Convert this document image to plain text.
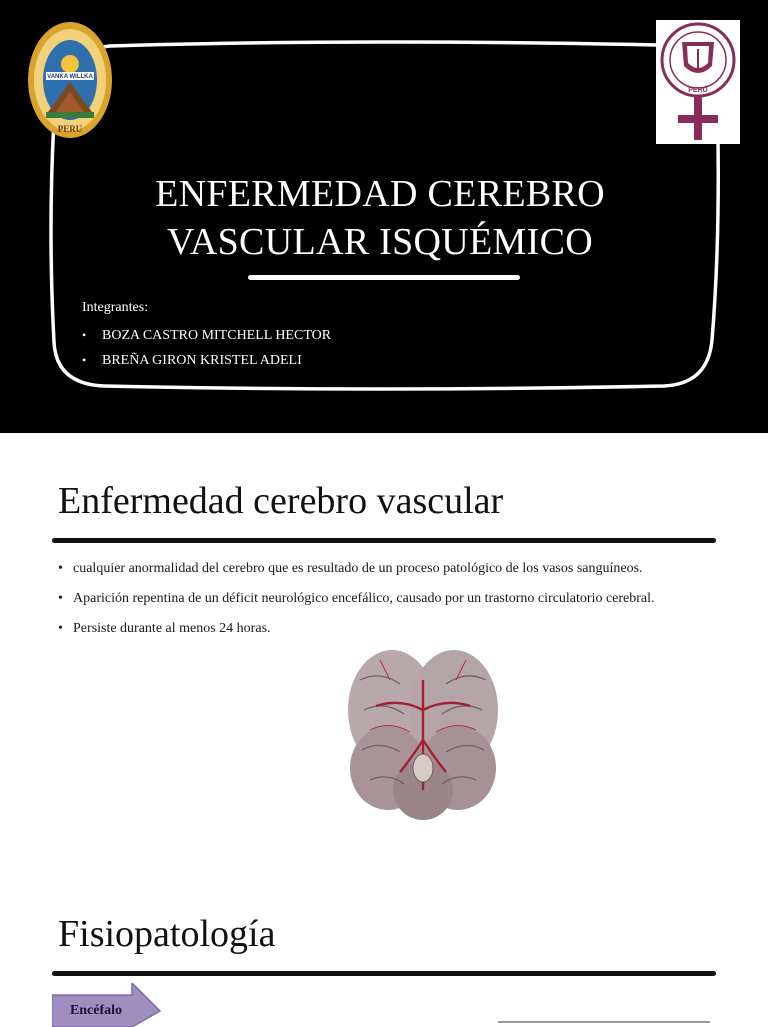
PERU
VANKA WILLKA
PERÚ
ENFERMEDAD CEREBRO
VASCULAR ISQUÉMICO
Integrantes:
•	BOZA CASTRO MITCHELL HECTOR
•	BREÑA GIRON KRISTEL ADELI
Enfermedad cerebro vascular
• cualquier anormalidad del cerebro que es resultado de un proceso patológico de los vasos sanguíneos.
• Aparición repentina de un déficit neurológico encefálico, causado por un trastorno circulatorio cerebral.
• Persiste durante al menos 24 horas.
Fisiopatología
Encéfalo
